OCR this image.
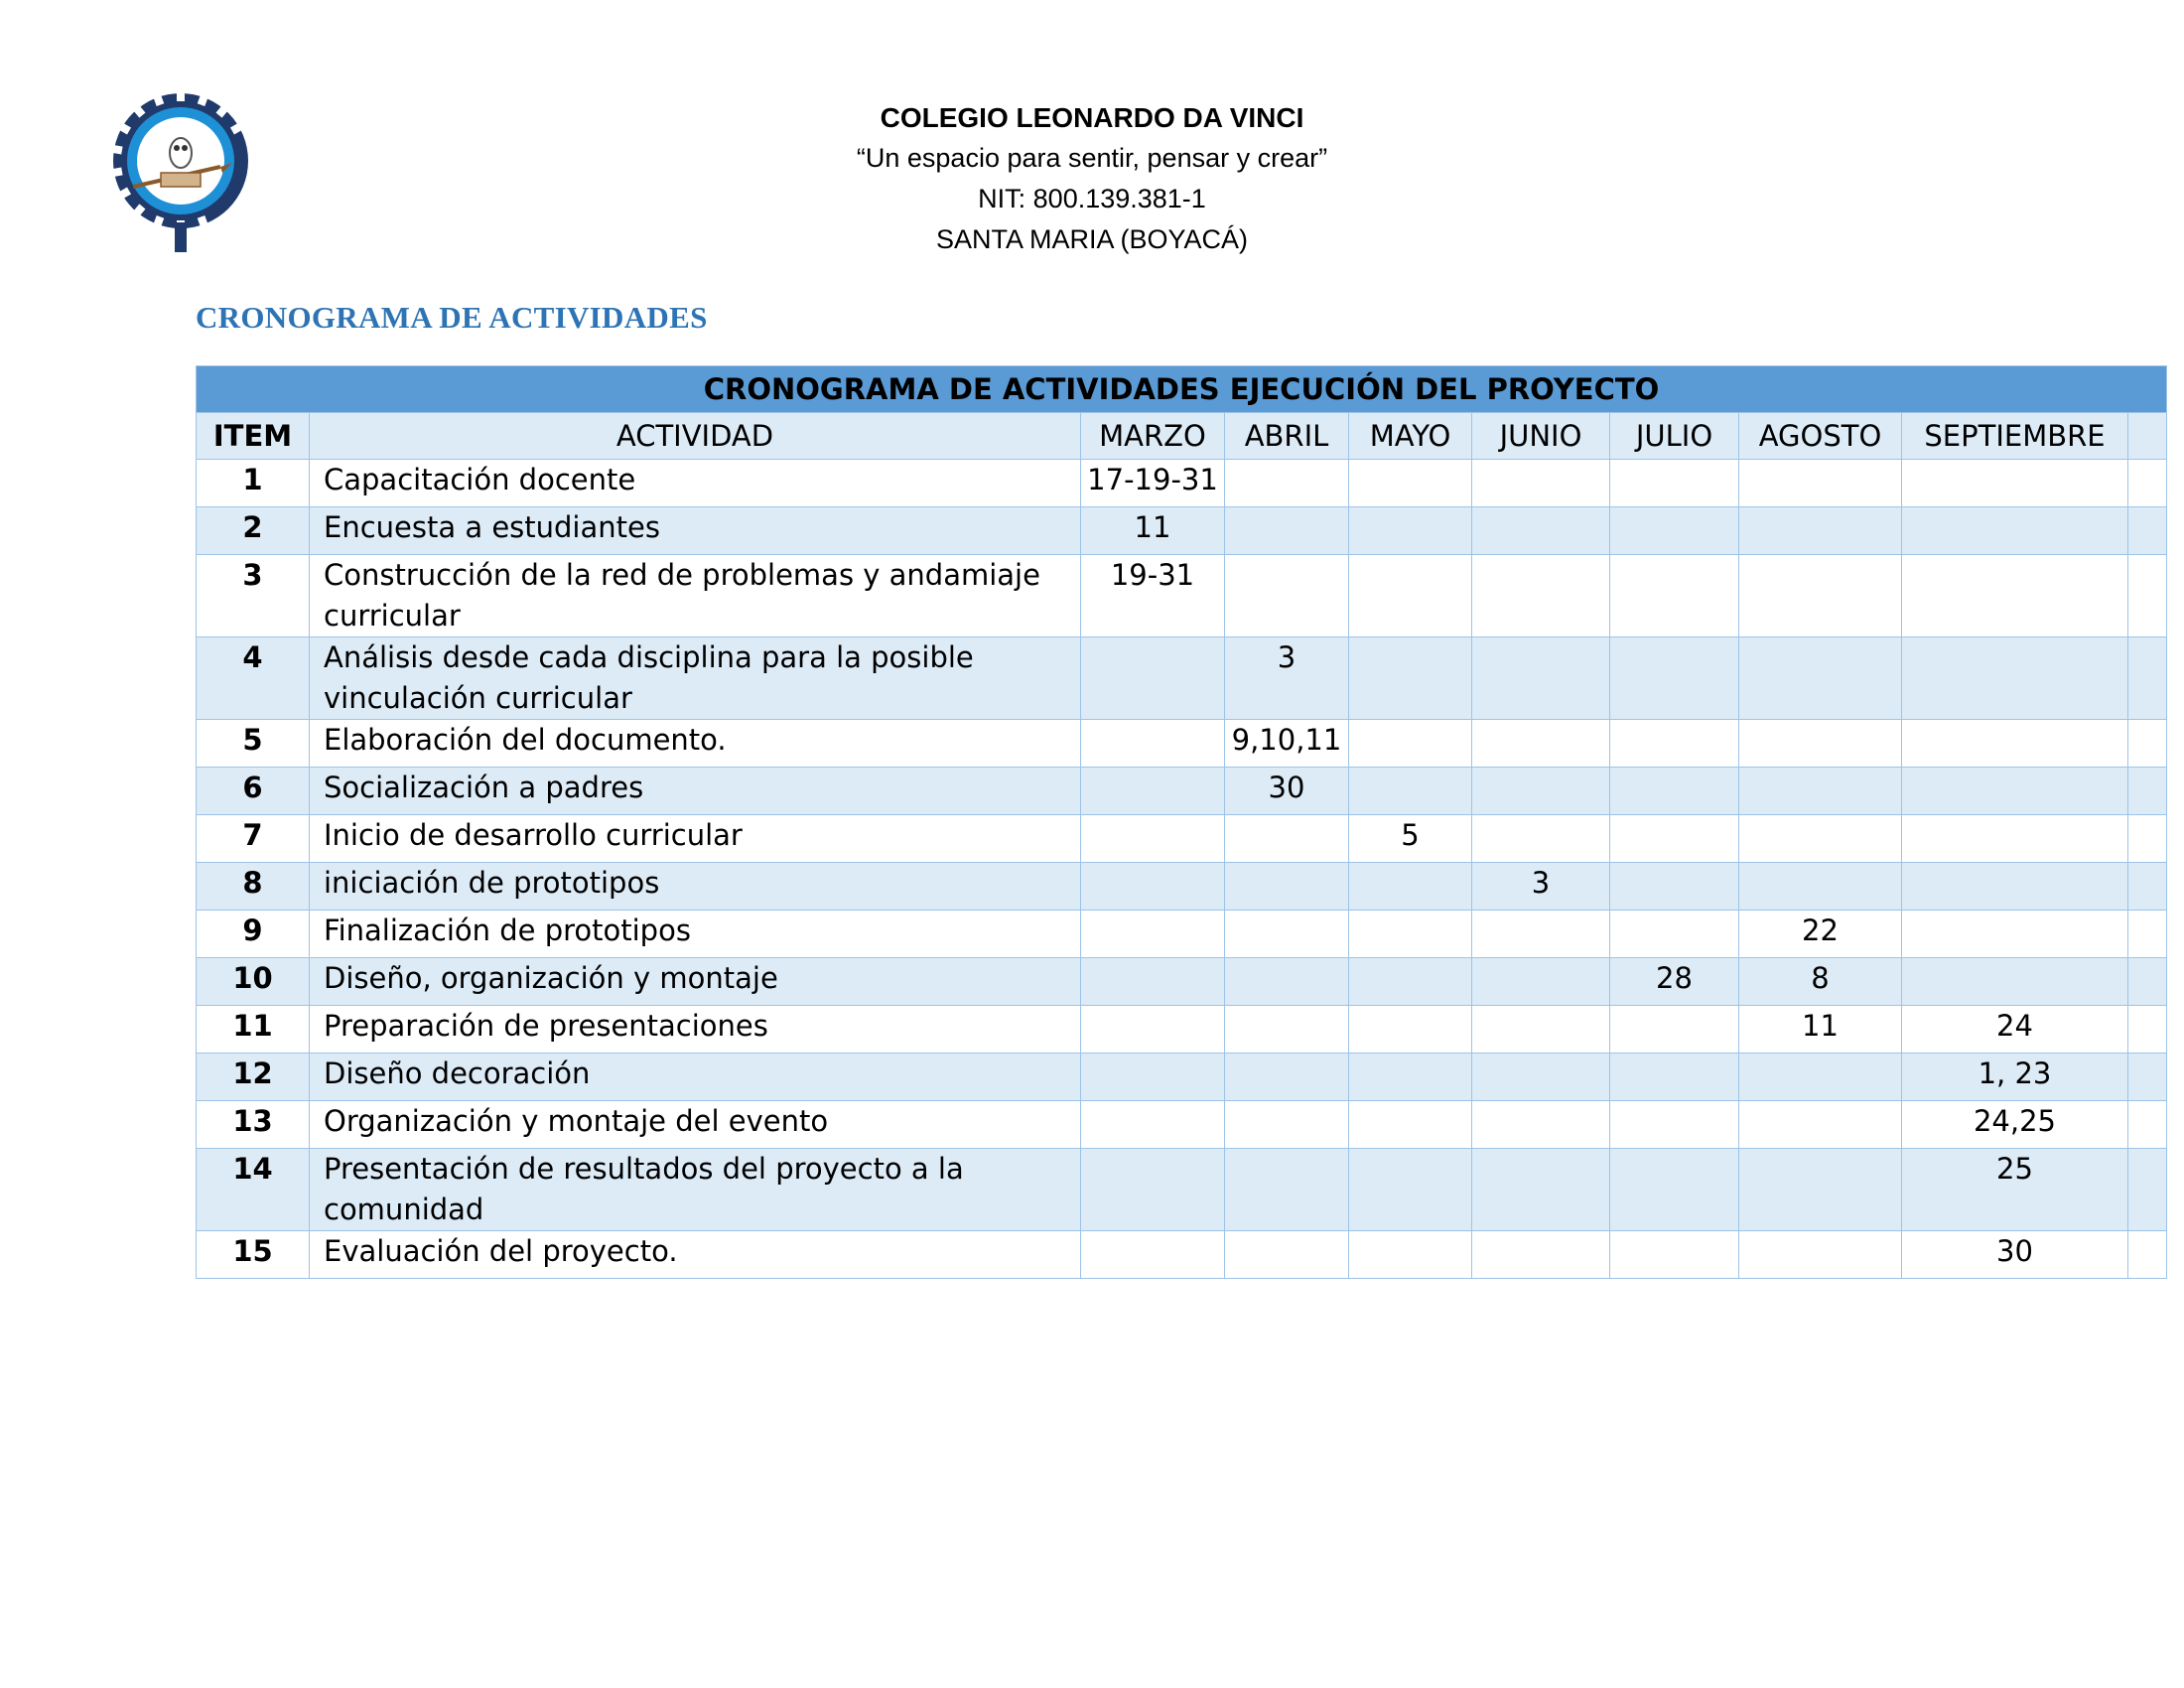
COLEGIO LEONARDO DA VINCI
“Un espacio para sentir, pensar y crear”
NIT: 800.139.381-1
SANTA MARIA (BOYACÁ)
CRONOGRAMA DE ACTIVIDADES
CRONOGRAMA DE ACTIVIDADES EJECUCIÓN DEL PROYECTO									
ITEM	ACTIVIDAD	MARZO	ABRIL	MAYO	JUNIO	JULIO	AGOSTO	SEPTIEMBRE	
1	Capacitación docente	17-19-31							
2	Encuesta a estudiantes	11							
3	Construcción de la red de problemas y andamiaje curricular	19-31							
4	Análisis desde cada disciplina para la posible vinculación curricular		3						
5	Elaboración del documento.		9,10,11						
6	Socialización a padres		30						
7	Inicio de desarrollo curricular			5					
8	iniciación de prototipos				3				
9	Finalización de prototipos						22		
10	Diseño, organización y montaje					28	8		
11	Preparación de presentaciones						11	24	
12	Diseño decoración							1, 23	
13	Organización y montaje del evento							24,25	
14	Presentación de resultados del proyecto a la comunidad							25	
15	Evaluación del proyecto.							30	
